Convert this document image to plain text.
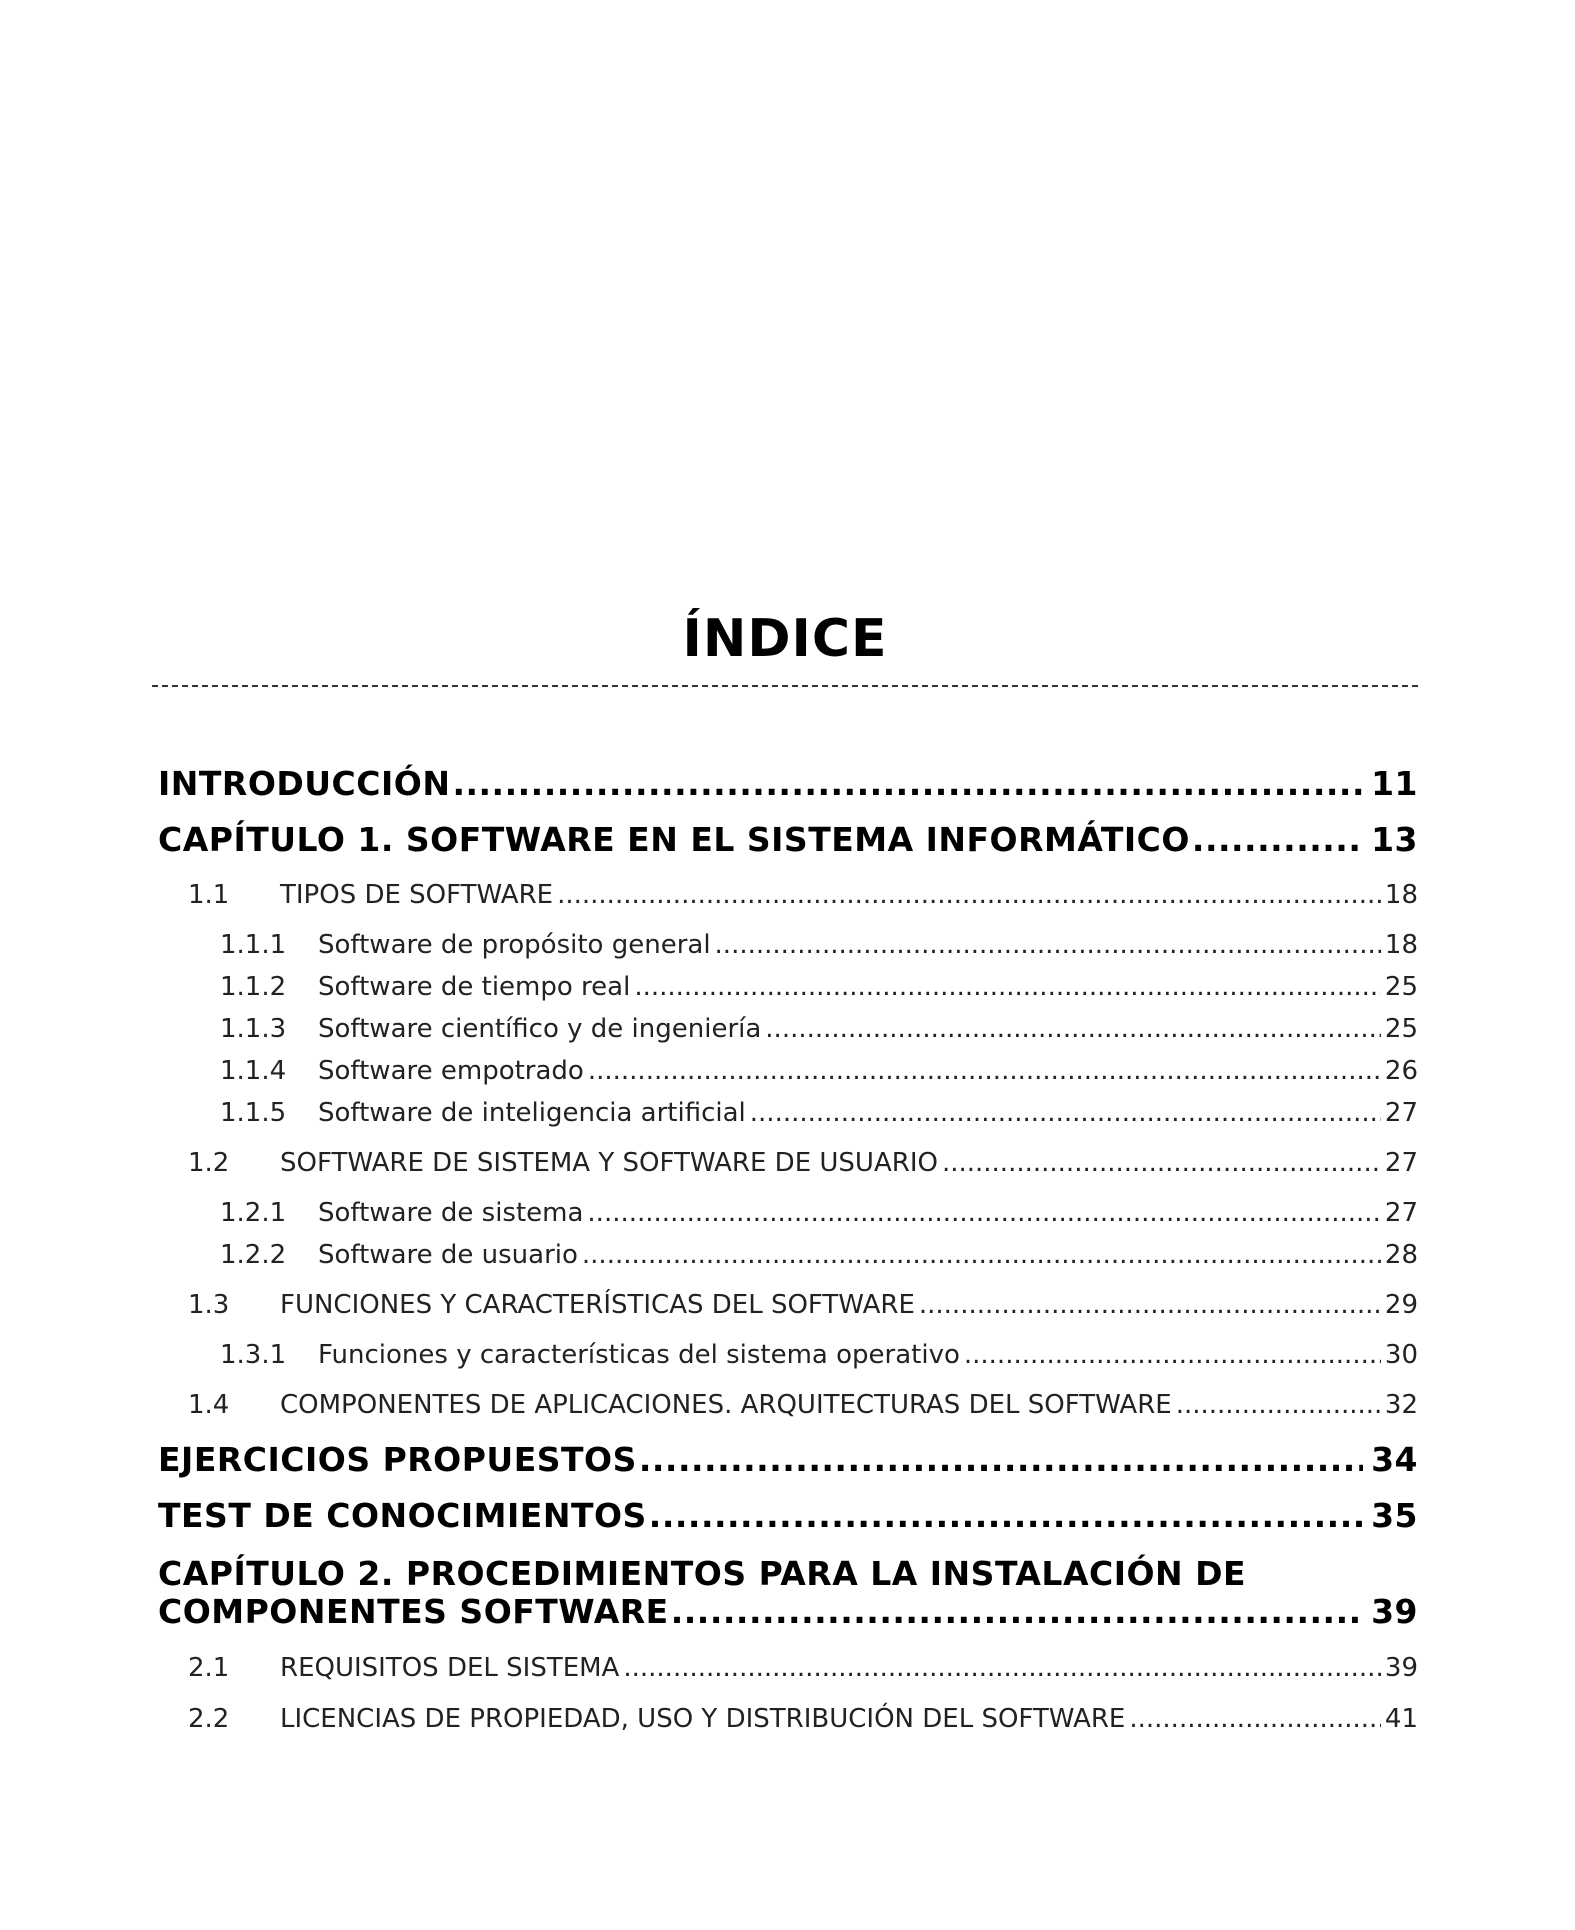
ÍNDICE
INTRODUCCIÓN .....	11
CAPÍTULO 1. SOFTWARE EN EL SISTEMA INFORMÁTICO .....	13
1.1	TIPOS DE SOFTWARE .....	18
1.1.1	Software de propósito general .....	18
1.1.2	Software de tiempo real .....	25
1.1.3	Software científico y de ingeniería .....	25
1.1.4	Software empotrado .....	26
1.1.5	Software de inteligencia artificial .....	27
1.2	SOFTWARE DE SISTEMA Y SOFTWARE DE USUARIO .....	27
1.2.1	Software de sistema .....	27
1.2.2	Software de usuario .....	28
1.3	FUNCIONES Y CARACTERÍSTICAS DEL SOFTWARE .....	29
1.3.1	Funciones y características del sistema operativo .....	30
1.4	COMPONENTES DE APLICACIONES. ARQUITECTURAS DEL SOFTWARE .....	32
EJERCICIOS PROPUESTOS .....	34
TEST DE CONOCIMIENTOS .....	35
CAPÍTULO 2. PROCEDIMIENTOS PARA LA INSTALACIÓN DE
COMPONENTES SOFTWARE .....	39
2.1	REQUISITOS DEL SISTEMA .....	39
2.2	LICENCIAS DE PROPIEDAD, USO Y DISTRIBUCIÓN DEL SOFTWARE .....	41
